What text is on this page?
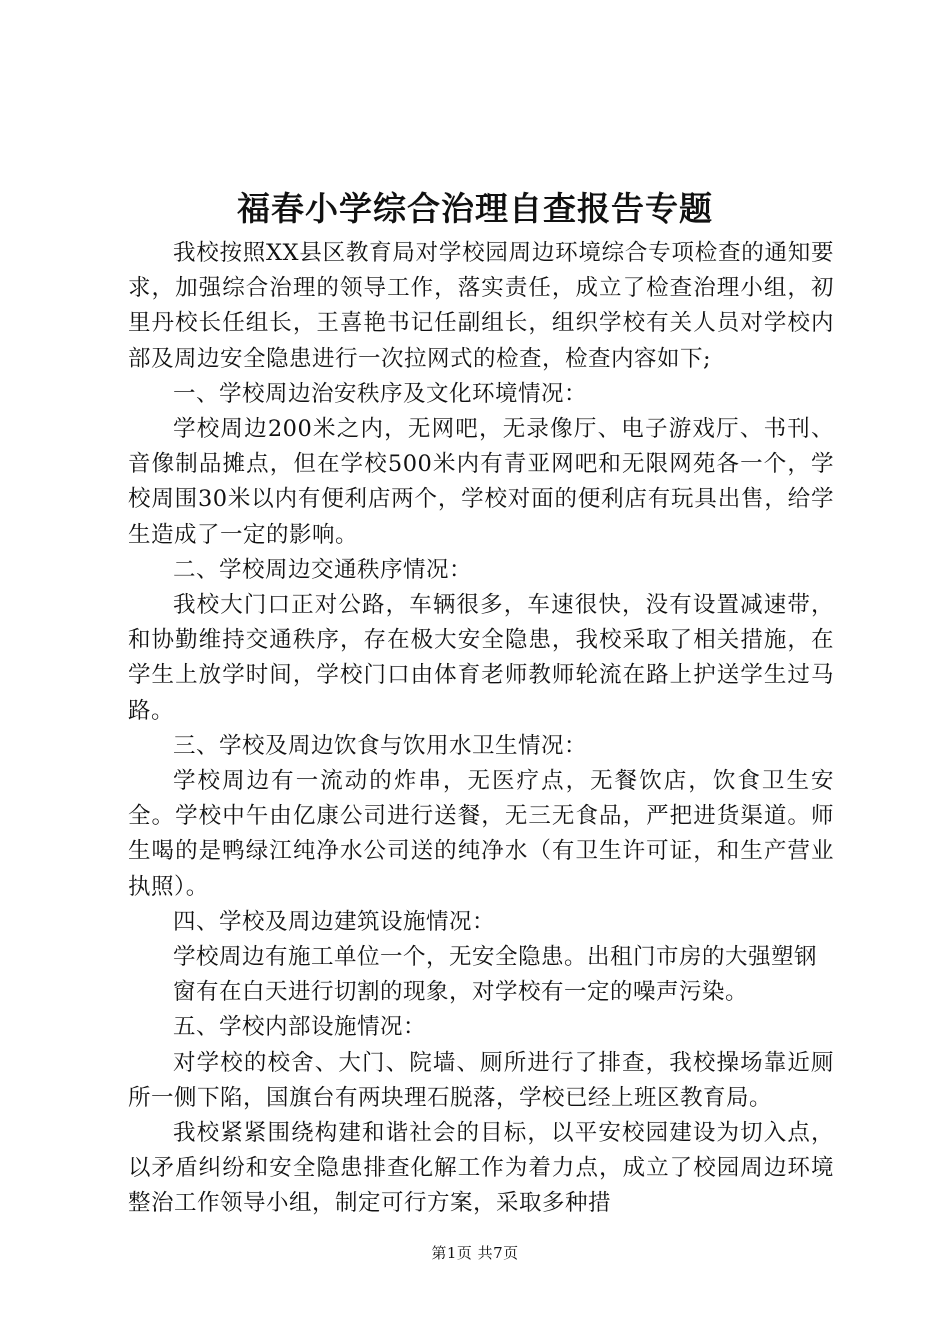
福春小学综合治理自查报告专题

我校按照XX县区教育局对学校园周边环境综合专项检查的通知要求，加强综合治理的领导工作，落实责任，成立了检查治理小组，初里丹校长任组长，王喜艳书记任副组长，组织学校有关人员对学校内部及周边安全隐患进行一次拉网式的检查，检查内容如下;

一、学校周边治安秩序及文化环境情况：

学校周边200米之内，无网吧，无录像厅、电子游戏厅、书刊、音像制品摊点，但在学校500米内有青亚网吧和无限网苑各一个，学校周围30米以内有便利店两个，学校对面的便利店有玩具出售，给学生造成了一定的影响。

二、学校周边交通秩序情况：

我校大门口正对公路，车辆很多，车速很快，没有设置减速带，和协勤维持交通秩序，存在极大安全隐患，我校采取了相关措施，在学生上放学时间，学校门口由体育老师教师轮流在路上护送学生过马路。

三、学校及周边饮食与饮用水卫生情况：

学校周边有一流动的炸串，无医疗点，无餐饮店，饮食卫生安全。学校中午由亿康公司进行送餐，无三无食品，严把进货渠道。师生喝的是鸭绿江纯净水公司送的纯净水（有卫生许可证，和生产营业执照）。

四、学校及周边建筑设施情况：

学校周边有施工单位一个，无安全隐患。出租门市房的大强塑钢

窗有在白天进行切割的现象，对学校有一定的噪声污染。

五、学校内部设施情况：

对学校的校舍、大门、院墙、厕所进行了排查，我校操场靠近厕所一侧下陷，国旗台有两块理石脱落，学校已经上班区教育局。

我校紧紧围绕构建和谐社会的目标，以平安校园建设为切入点，以矛盾纠纷和安全隐患排查化解工作为着力点，成立了校园周边环境整治工作领导小组，制定可行方案，采取多种措

第1页 共7页
